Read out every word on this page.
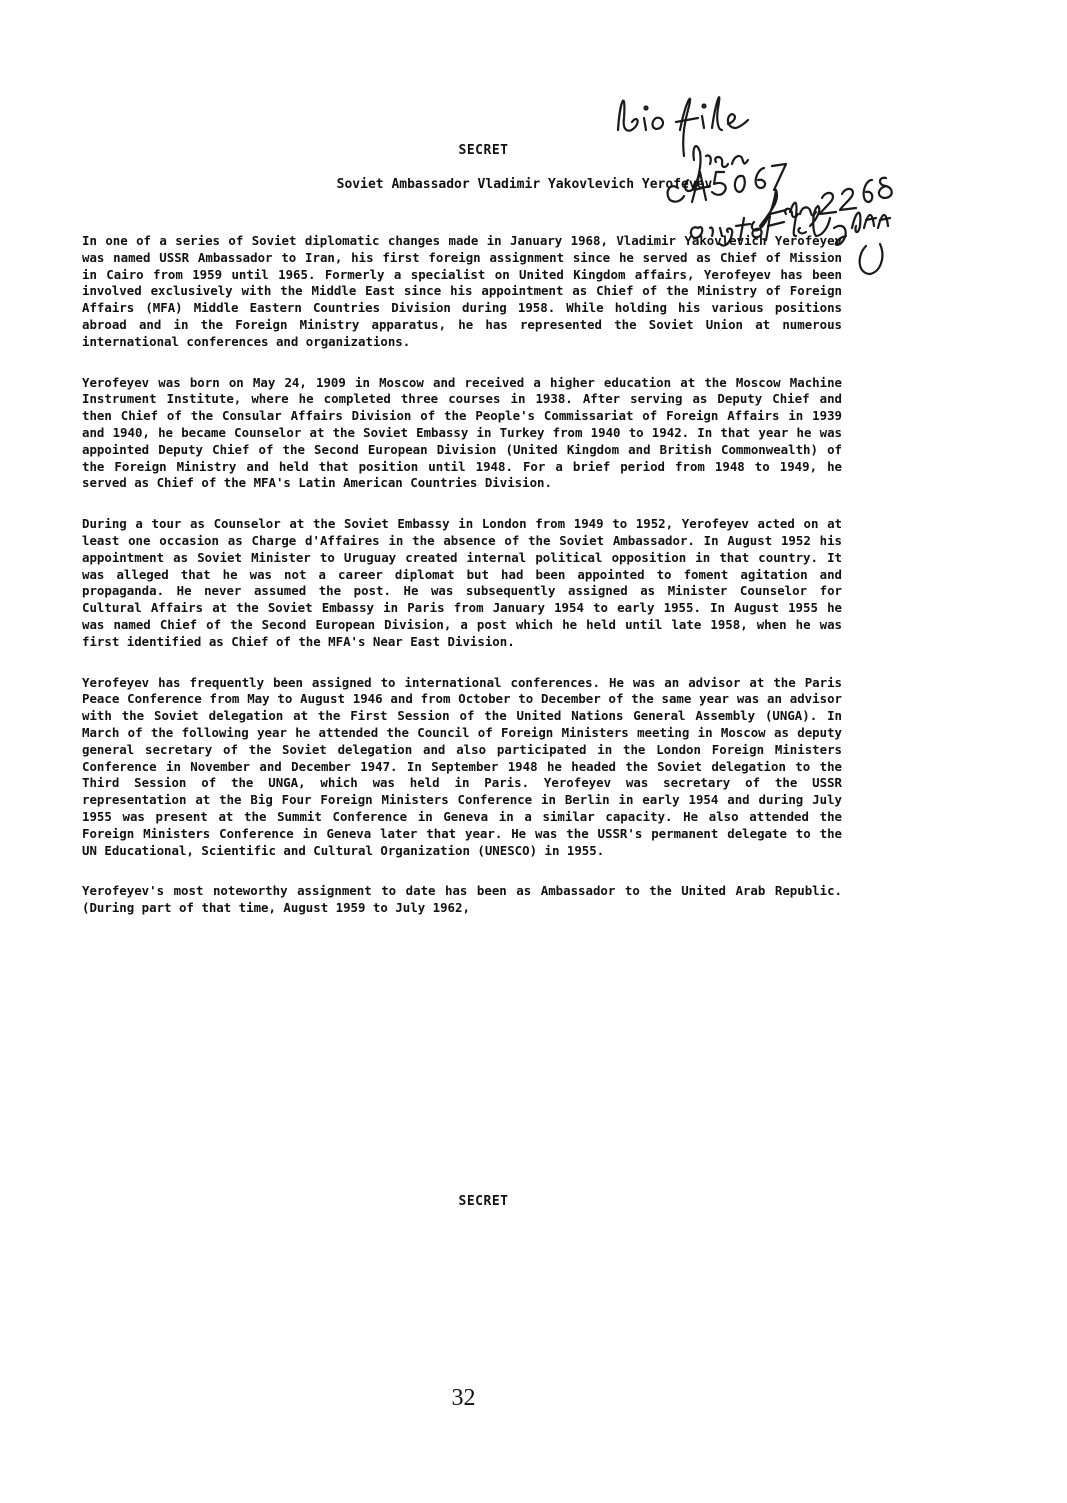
SECRET
Soviet Ambassador Vladimir Yakovlevich Yerofeyev

In one of a series of Soviet diplomatic changes made in January 1968, Vladimir Yakovlevich Yerofeyev was named USSR Ambassador to Iran, his first foreign assignment since he served as Chief of Mission in Cairo from 1959 until 1965. Formerly a specialist on United Kingdom affairs, Yerofeyev has been involved exclusively with the Middle East since his appointment as Chief of the Ministry of Foreign Affairs (MFA) Middle Eastern Countries Division during 1958. While holding his various positions abroad and in the Foreign Ministry apparatus, he has represented the Soviet Union at numerous international conferences and organizations.

Yerofeyev was born on May 24, 1909 in Moscow and received a higher education at the Moscow Machine Instrument Institute, where he completed three courses in 1938. After serving as Deputy Chief and then Chief of the Consular Affairs Division of the People's Commissariat of Foreign Affairs in 1939 and 1940, he became Counselor at the Soviet Embassy in Turkey from 1940 to 1942. In that year he was appointed Deputy Chief of the Second European Division (United Kingdom and British Commonwealth) of the Foreign Ministry and held that position until 1948. For a brief period from 1948 to 1949, he served as Chief of the MFA's Latin American Countries Division.

During a tour as Counselor at the Soviet Embassy in London from 1949 to 1952, Yerofeyev acted on at least one occasion as Charge d'Affaires in the absence of the Soviet Ambassador. In August 1952 his appointment as Soviet Minister to Uruguay created internal political opposition in that country. It was alleged that he was not a career diplomat but had been appointed to foment agitation and propaganda. He never assumed the post. He was subsequently assigned as Minister Counselor for Cultural Affairs at the Soviet Embassy in Paris from January 1954 to early 1955. In August 1955 he was named Chief of the Second European Division, a post which he held until late 1958, when he was first identified as Chief of the MFA's Near East Division.

Yerofeyev has frequently been assigned to international conferences. He was an advisor at the Paris Peace Conference from May to August 1946 and from October to December of the same year was an advisor with the Soviet delegation at the First Session of the United Nations General Assembly (UNGA). In March of the following year he attended the Council of Foreign Ministers meeting in Moscow as deputy general secretary of the Soviet delegation and also participated in the London Foreign Ministers Conference in November and December 1947. In September 1948 he headed the Soviet delegation to the Third Session of the UNGA, which was held in Paris. Yerofeyev was secretary of the USSR representation at the Big Four Foreign Ministers Conference in Berlin in early 1954 and during July 1955 was present at the Summit Conference in Geneva in a similar capacity. He also attended the Foreign Ministers Conference in Geneva later that year. He was the USSR's permanent delegate to the UN Educational, Scientific and Cultural Organization (UNESCO) in 1955.

Yerofeyev's most noteworthy assignment to date has been as Ambassador to the United Arab Republic. (During part of that time, August 1959 to July 1962,

SECRET
32
